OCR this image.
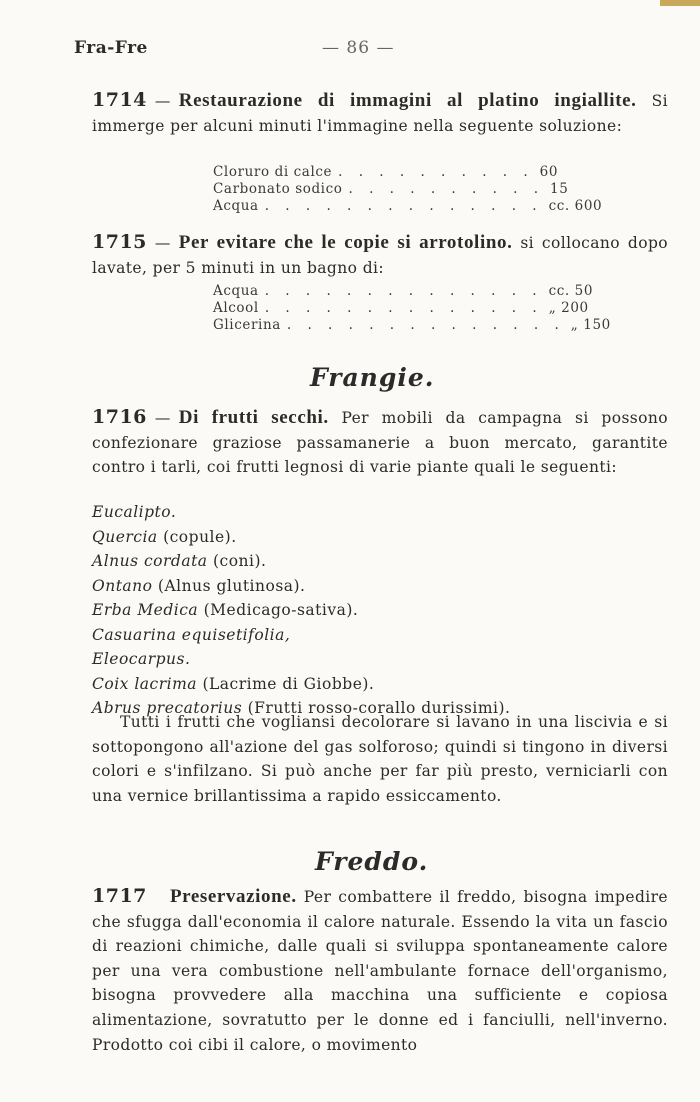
Fra-Fre	— 86 —
1714 — Restaurazione di immagini al platino ingiallite. Si immerge per alcuni minuti l'immagine nella seguente soluzione:
Cloruro di calce . . . . . . . . . . 60
Carbonato sodico . . . . . . . . . . 15
Acqua . . . . . . . . . . . . . . cc. 600
1715 — Per evitare che le copie si arrotolino. si collocano dopo lavate, per 5 minuti in un bagno di:
Acqua . . . . . . . . . . . . . . cc. 50
Alcool . . . . . . . . . . . . . . „ 200
Glicerina . . . . . . . . . . . . . . „ 150
Frangie.
1716 — Di frutti secchi. Per mobili da campagna si possono confezionare graziose passamanerie a buon mercato, garantite contro i tarli, coi frutti legnosi di varie piante quali le seguenti:
Eucalipto.
Quercia (copule).
Alnus cordata (coni).
Ontano (Alnus glutinosa).
Erba Medica (Medicago-sativa).
Casuarina equisetifolia,
Eleocarpus.
Coix lacrima (Lacrime di Giobbe).
Abrus precatorius (Frutti rosso-corallo durissimi).
Tutti i frutti che vogliansi decolorare si lavano in una liscivia e si sottopongono all'azione del gas solforoso; quindi si tingono in diversi colori e s'infilzano. Si può anche per far più presto, verniciarli con una vernice brillantissima a rapido essiccamento.
Freddo.
1717 Preservazione. Per combattere il freddo, bisogna impedire che sfugga dall'economia il calore naturale. Essendo la vita un fascio di reazioni chimiche, dalle quali si sviluppa spontaneamente calore per una vera combustione nell'ambulante fornace dell'organismo, bisogna provvedere alla macchina una sufficiente e copiosa alimentazione, sovratutto per le donne ed i fanciulli, nell'inverno. Prodotto coi cibi il calore, o movimento
